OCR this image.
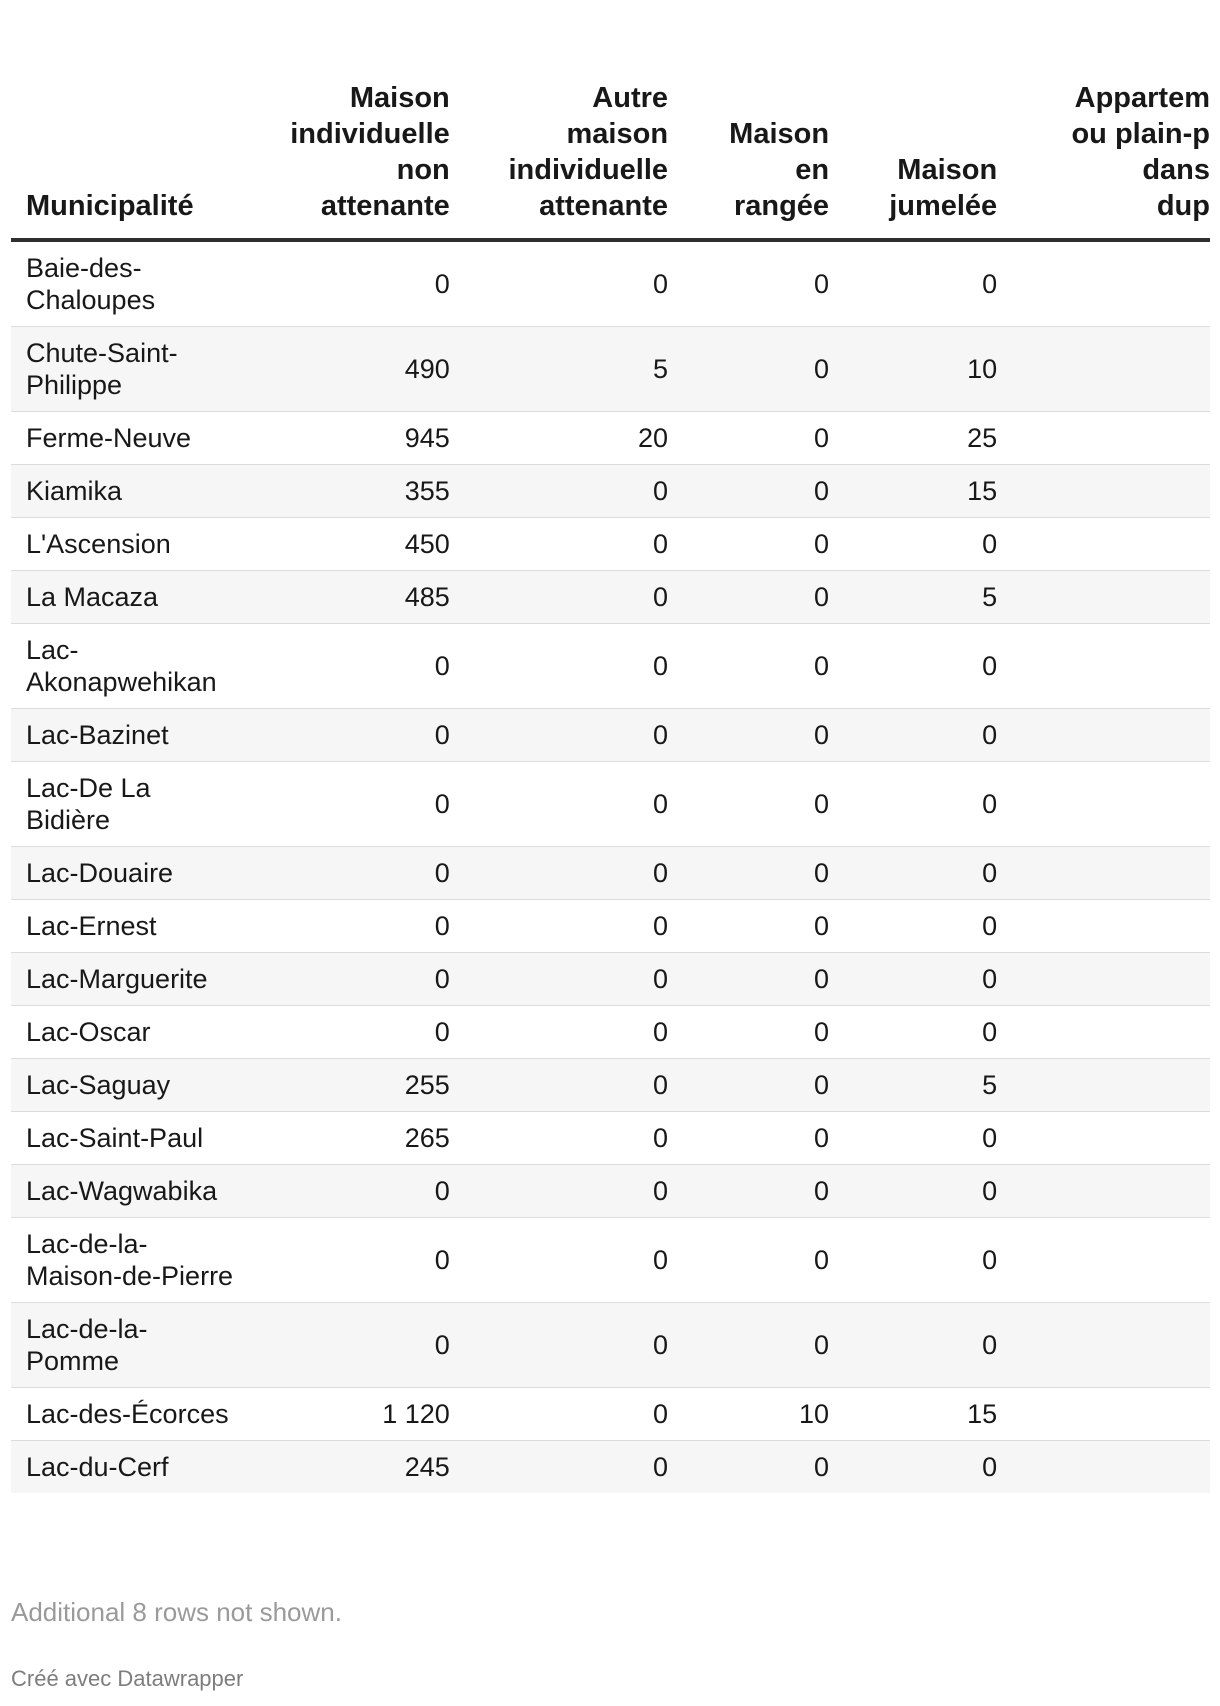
Municipalité	Maison
individuelle
non
attenante	Autre
maison
individuelle
attenante	Maison
en
rangée	Maison
jumelée	Appartem
ou plain-p
dans
dup

Baie-des-Chaloupes	0	0	0	0	
Chute-Saint-Philippe	490	5	0	10	
Ferme-Neuve	945	20	0	25	
Kiamika	355	0	0	15	
L'Ascension	450	0	0	0	
La Macaza	485	0	0	5	
Lac-Akonapwehikan	0	0	0	0	
Lac-Bazinet	0	0	0	0	
Lac-De La Bidière	0	0	0	0	
Lac-Douaire	0	0	0	0	
Lac-Ernest	0	0	0	0	
Lac-Marguerite	0	0	0	0	
Lac-Oscar	0	0	0	0	
Lac-Saguay	255	0	0	5	
Lac-Saint-Paul	265	0	0	0	
Lac-Wagwabika	0	0	0	0	
Lac-de-la-Maison-de-Pierre	0	0	0	0	
Lac-de-la-Pomme	0	0	0	0	
Lac-des-Écorces	1 120	0	10	15	
Lac-du-Cerf	245	0	0	0	
Additional 8 rows not shown.
Créé avec Datawrapper
